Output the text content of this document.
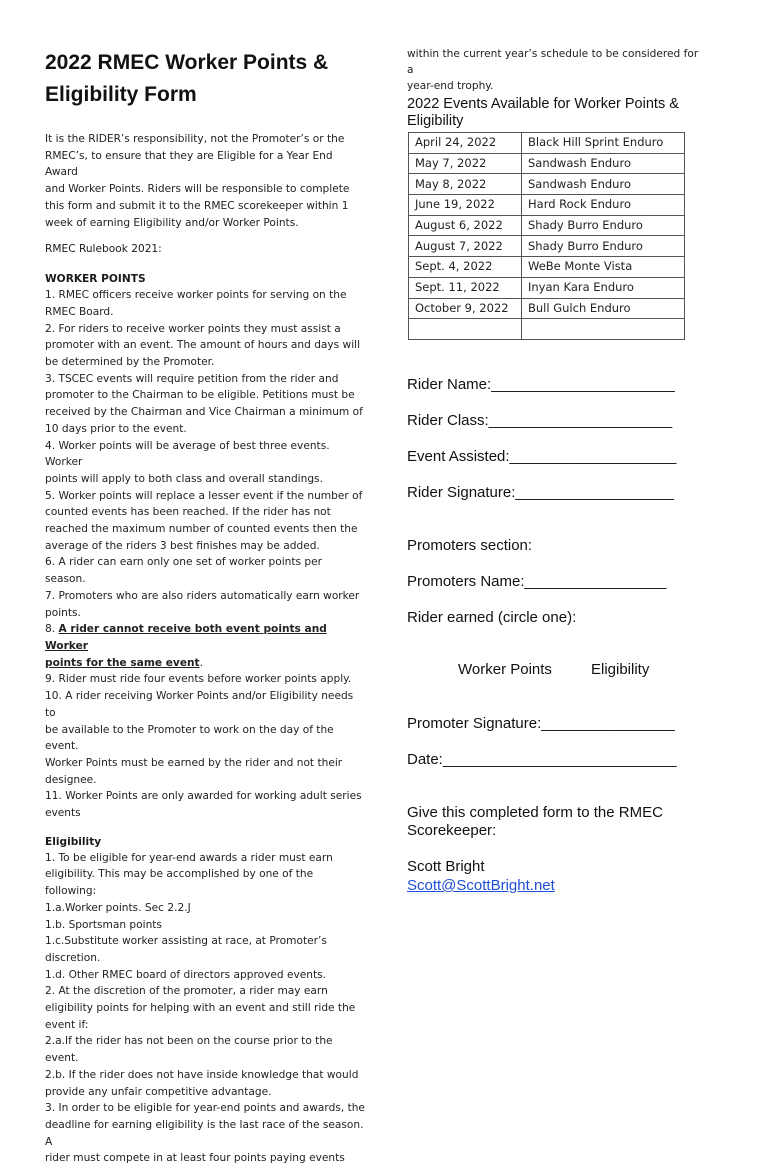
2022 RMEC Worker Points &
Eligibility Form
It is the RIDER’s responsibility, not the Promoter’s or the
RMEC’s, to ensure that they are Eligible for a Year End Award
and Worker Points. Riders will be responsible to complete
this form and submit it to the RMEC scorekeeper within 1
week of earning Eligibility and/or Worker Points.
RMEC Rulebook 2021:
WORKER POINTS
1. RMEC officers receive worker points for serving on the
RMEC Board.
2. For riders to receive worker points they must assist a
promoter with an event. The amount of hours and days will
be determined by the Promoter.
3. TSCEC events will require petition from the rider and
promoter to the Chairman to be eligible. Petitions must be
received by the Chairman and Vice Chairman a minimum of
10 days prior to the event.
4. Worker points will be average of best three events. Worker
points will apply to both class and overall standings.
5. Worker points will replace a lesser event if the number of
counted events has been reached. If the rider has not
reached the maximum number of counted events then the
average of the riders 3 best finishes may be added.
6. A rider can earn only one set of worker points per season.
7. Promoters who are also riders automatically earn worker
points.
8. A rider cannot receive both event points and Worker
points for the same event.
9. Rider must ride four events before worker points apply.
10. A rider receiving Worker Points and/or Eligibility needs to
be available to the Promoter to work on the day of the event.
Worker Points must be earned by the rider and not their
designee.
11. Worker Points are only awarded for working adult series
events
Eligibility
1. To be eligible for year-end awards a rider must earn
eligibility. This may be accomplished by one of the following:
1.a.Worker points. Sec 2.2.J
1.b. Sportsman points
1.c.Substitute worker assisting at race, at Promoter’s
discretion.
1.d. Other RMEC board of directors approved events.
2. At the discretion of the promoter, a rider may earn
eligibility points for helping with an event and still ride the
event if:
2.a.If the rider has not been on the course prior to the event.
2.b. If the rider does not have inside knowledge that would
provide any unfair competitive advantage.
3. In order to be eligible for year-end points and awards, the
deadline for earning eligibility is the last race of the season. A
rider must compete in at least four points paying events
within the current year’s schedule to be considered for a
year-end trophy.
2022 Events Available for Worker Points & Eligibility
April 24, 2022	Black Hill Sprint Enduro
May 7, 2022	Sandwash Enduro
May 8, 2022	Sandwash Enduro
June 19, 2022	Hard Rock Enduro
August 6, 2022	Shady Burro Enduro
August 7, 2022	Shady Burro Enduro
Sept. 4, 2022	WeBe Monte Vista
Sept. 11, 2022	Inyan Kara Enduro
October 9, 2022	Bull Gulch Enduro

Rider Name:______________________
Rider Class:______________________
Event Assisted:____________________
Rider Signature:___________________
Promoters section:
Promoters Name:_________________
Rider earned (circle one):
Worker Points	Eligibility
Promoter Signature:________________
Date:____________________________
Give this completed form to the RMEC
Scorekeeper:
Scott Bright
Scott@ScottBright.net
